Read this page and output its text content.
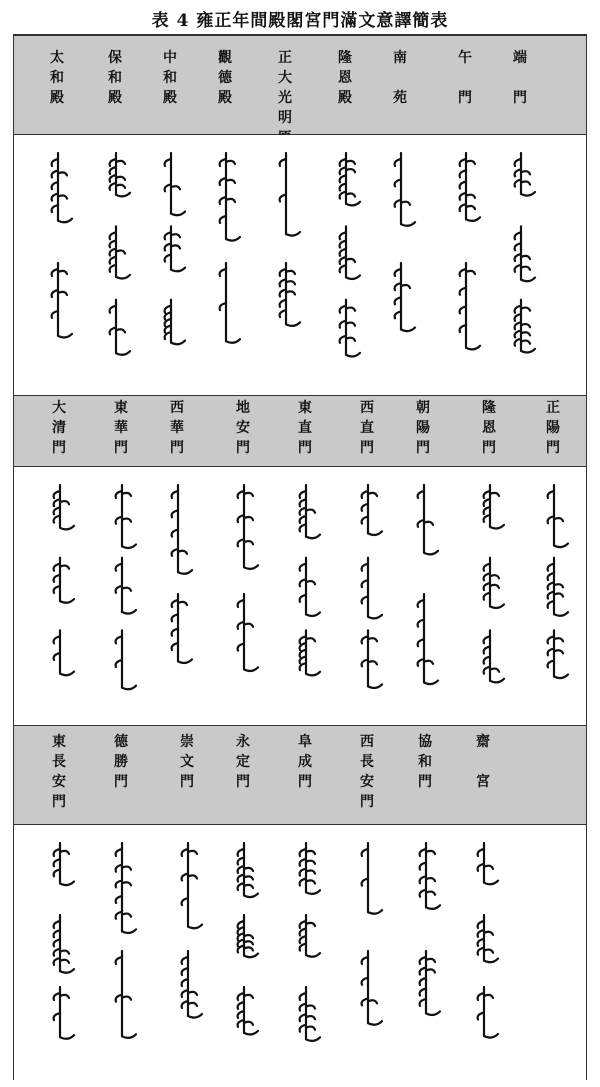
表 4 雍正年間殿閣宮門滿文意譯簡表
太
和
殿
保
和
殿
中
和
殿
觀
德
殿
正
大
光
明
隆
恩
殿
南

苑
午

門
端

門
大
清
門
東
華
門
西
華
門
地
安
門
東
直
門
西
直
門
朝
陽
門
隆
恩
門
正
陽
門
東
長
安
門
德
勝
門
崇
文
門
永
定
門
阜
成
門
西
長
安
門
協
和
門
齋

宮
